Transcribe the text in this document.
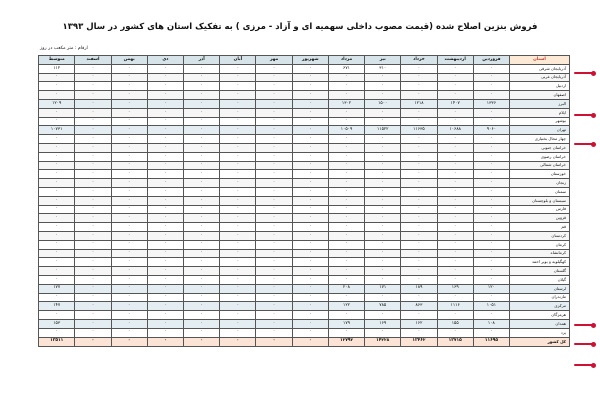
فروش بنزین اصلاح شده (قیمت مصوب داخلی سهمیه ای و آزاد - مرزی ) به تفکیک استان های کشور در سال ۱۳۹۳
ارقام : متر مکعب در روز
استان	فروردین	اردیبهشت	خرداد	تیر	مرداد	شهریور	مهر	آبان	آذر	دی	بهمن	اسفند	متوسط
آذربایجان شرقی	۰	۰	۰	۳۱۰	۶۷۱	۰	۰	۰	۰	۰	۰	۰	۱۱۲
آذربایجان غربی	۰	۰	۰	۰	۰	۰	۰	۰	۰	۰	۰	۰	۰
اردبیل	۰	۰	۰	۰	۰	۰	۰	۰	۰	۰	۰	۰	۰
اصفهان	۰	۰	۰	۰	۰	۰	۰	۰	۰	۰	۰	۰	۰
البرز	۱۳۳۶	۱۴۰۷	۱۲۱۸	۱۵۰۰	۱۳۰۲	۰	۰	۰	۰	۰	۰	۰	۱۲۰۹
ایلام	۰	۰	۰	۰	۰	۰	۰	۰	۰	۰	۰	۰	۰
بوشهر	۰	۰	۰	۰	۰	۰	۰	۰	۰	۰	۰	۰	۰
تهران	۹۰۶۰	۱۰۶۸۸	۱۱۶۳۵	۱۱۵۲۲	۱۰۵۰۹	۰	۰	۰	۰	۰	۰	۰	۱۰۷۳۱
چهار محال بختیاری	۰	۰	۰	۰	۰	۰	۰	۰	۰	۰	۰	۰	۰
خراسان جنوبی	۰	۰	۰	۰	۰	۰	۰	۰	۰	۰	۰	۰	۰
خراسان رضوی	۰	۰	۰	۰	۰	۰	۰	۰	۰	۰	۰	۰	۰
خراسان شمالی	۰	۰	۰	۰	۰	۰	۰	۰	۰	۰	۰	۰	۰
خوزستان	۰	۰	۰	۰	۰	۰	۰	۰	۰	۰	۰	۰	۰
زنجان	۰	۰	۰	۰	۰	۰	۰	۰	۰	۰	۰	۰	۰
سمنان	۰	۰	۰	۰	۰	۰	۰	۰	۰	۰	۰	۰	۰
سیستان و بلوچستان	۰	۰	۰	۰	۰	۰	۰	۰	۰	۰	۰	۰	۰
فارس	۰	۰	۰	۰	۰	۰	۰	۰	۰	۰	۰	۰	۰
قزوین	۰	۰	۰	۰	۰	۰	۰	۰	۰	۰	۰	۰	۰
قم	۰	۰	۰	۰	۰	۰	۰	۰	۰	۰	۰	۰	۰
کردستان	۰	۰	۰	۰	۰	۰	۰	۰	۰	۰	۰	۰	۰
کرمان	۰	۰	۰	۰	۰	۰	۰	۰	۰	۰	۰	۰	۰
کرمانشاه	۰	۰	۰	۰	۰	۰	۰	۰	۰	۰	۰	۰	۰
کهگیلویه و بویر احمد	۰	۰	۰	۰	۰	۰	۰	۰	۰	۰	۰	۰	۰
گلستان	۰	۰	۰	۰	۰	۰	۰	۰	۰	۰	۰	۰	۰
گیلان	۰	۰	۰	۰	۰	۰	۰	۰	۰	۰	۰	۰	۰
لرستان	۱۲۰	۱۶۹	۱۸۹	۱۷۱	۲۰۸	۰	۰	۰	۰	۰	۰	۰	۱۷۷
مازندران	۰	۰	۰	۰	۰	۰	۰	۰	۰	۰	۰	۰	۰
مرکزی	۱۰۵۱	۱۱۱۶	۸۶۳	۷۸۵	۱۲۲	۰	۰	۰	۰	۰	۰	۰	۱۴۷
هرمزگان	۰	۰	۰	۰	۰	۰	۰	۰	۰	۰	۰	۰	۰
همدان	۱۰۸	۱۵۵	۱۶۲	۱۶۹	۱۷۹	۰	۰	۰	۰	۰	۰	۰	۱۵۳
یزد	۰	۰	۰	۰	۰	۰	۰	۰	۰	۰	۰	۰	۰
کل کشور	۱۱۶۹۵	۱۳۷۱۵	۱۳۴۶۲	۱۴۲۲۸	۱۲۷۹۲	۰	۰	۰	۰	۰	۰	۰	۱۳۵۱۱
